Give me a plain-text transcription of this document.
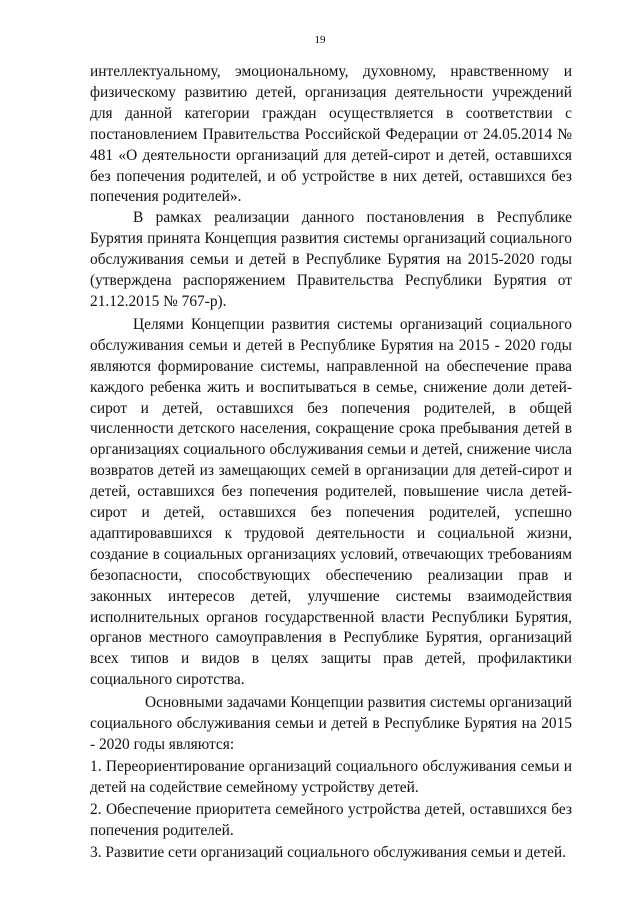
19

интеллектуальному, эмоциональному, духовному, нравственному и физическому развитию детей, организация деятельности учреждений для данной категории граждан осуществляется в соответствии с постановлением Правительства Российской Федерации от 24.05.2014 № 481 «О деятельности организаций для детей-сирот и детей, оставшихся без попечения родителей, и об устройстве в них детей, оставшихся без попечения родителей».

В рамках реализации данного постановления в Республике Бурятия принята Концепция развития системы организаций социального обслуживания семьи и детей в Республике Бурятия на 2015-2020 годы (утверждена распоряжением Правительства Республики Бурятия от 21.12.2015 № 767-р).

Целями Концепции развития системы организаций социального обслуживания семьи и детей в Республике Бурятия на 2015 - 2020 годы являются формирование системы, направленной на обеспечение права каждого ребенка жить и воспитываться в семье, снижение доли детей-сирот и детей, оставшихся без попечения родителей, в общей численности детского населения, сокращение срока пребывания детей в организациях социального обслуживания семьи и детей, снижение числа возвратов детей из замещающих семей в организации для детей-сирот и детей, оставшихся без попечения родителей, повышение числа детей-сирот и детей, оставшихся без попечения родителей, успешно адаптировавшихся к трудовой деятельности и социальной жизни, создание в социальных организациях условий, отвечающих требованиям безопасности, способствующих обеспечению реализации прав и законных интересов детей, улучшение системы взаимодействия исполнительных органов государственной власти Республики Бурятия, органов местного самоуправления в Республике Бурятия, организаций всех типов и видов в целях защиты прав детей, профилактики социального сиротства.

Основными задачами Концепции развития системы организаций социального обслуживания семьи и детей в Республике Бурятия на 2015 - 2020 годы являются:

1. Переориентирование организаций социального обслуживания семьи и детей на содействие семейному устройству детей.

2. Обеспечение приоритета семейного устройства детей, оставшихся без попечения родителей.

3. Развитие сети организаций социального обслуживания семьи и детей.
